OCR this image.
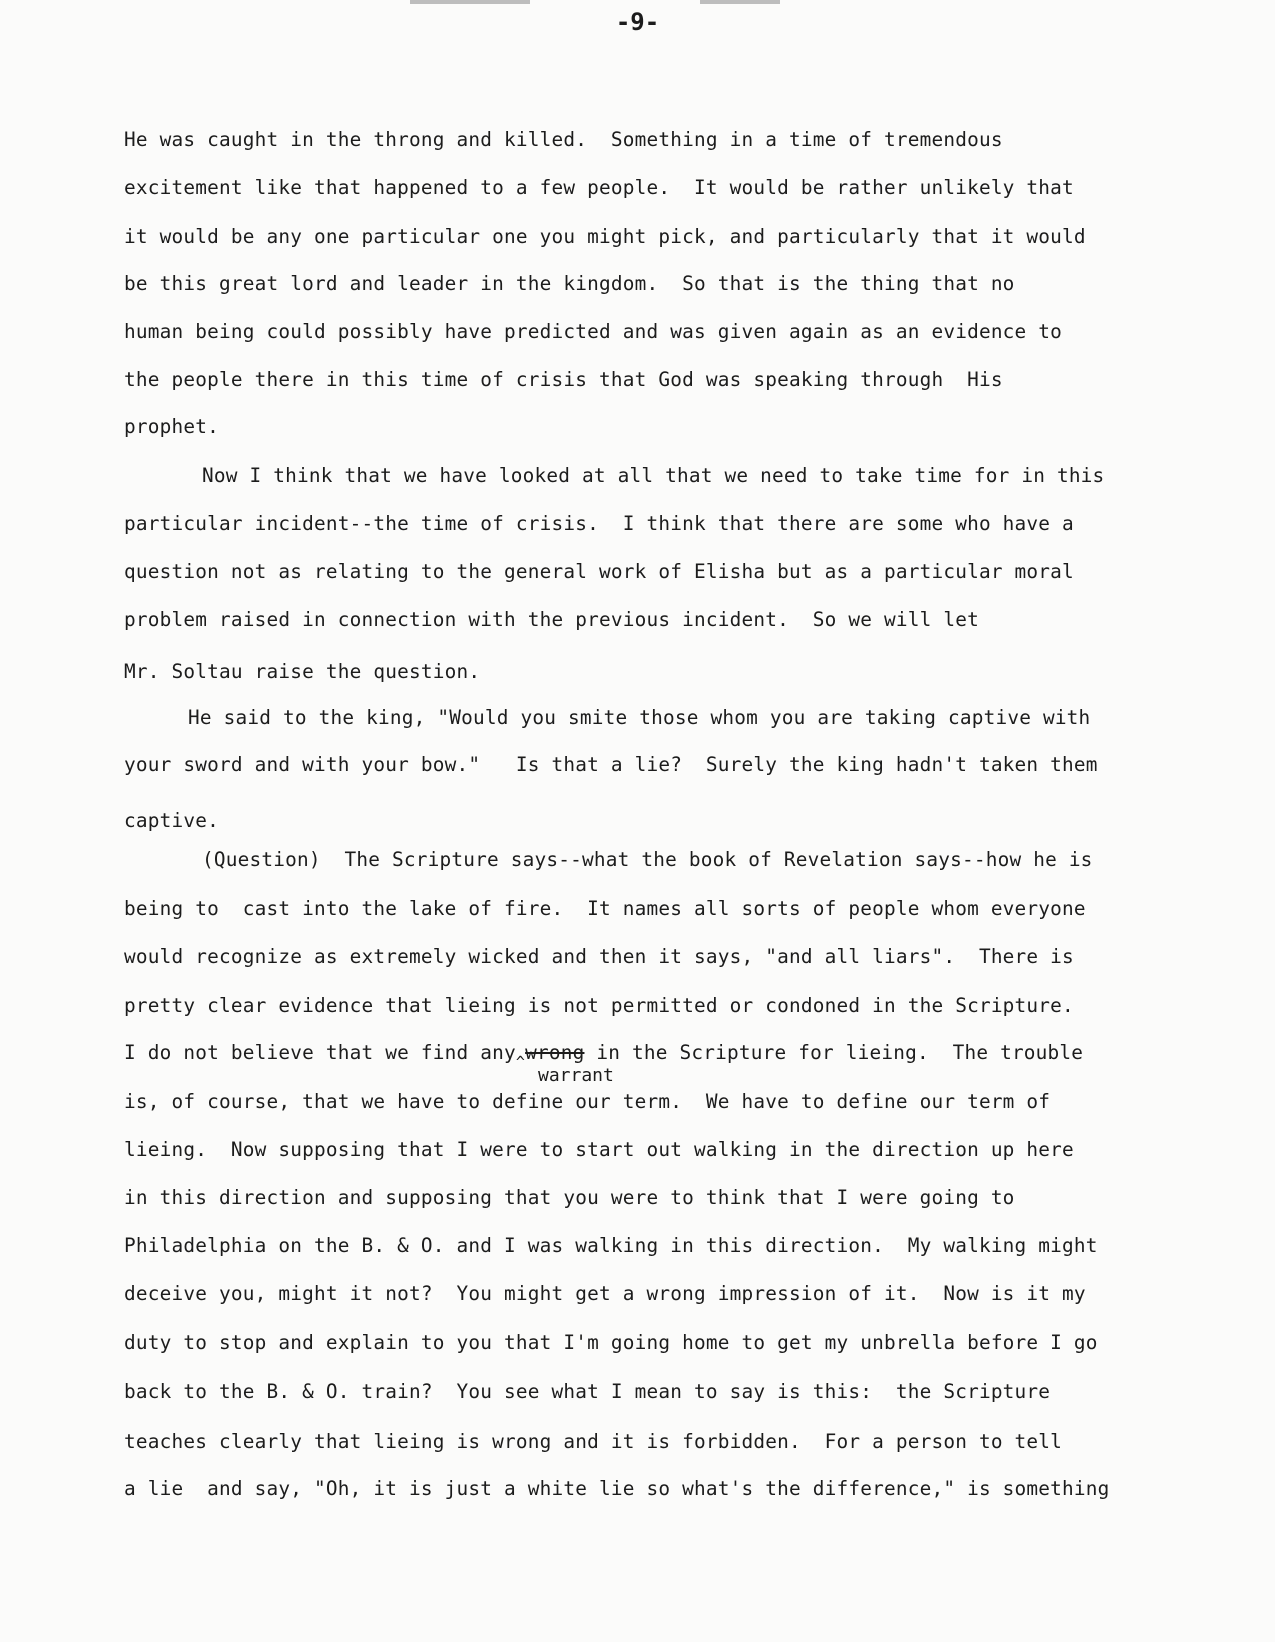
-9-
He was caught in the throng and killed.  Something in a time of tremendous
excitement like that happened to a few people.  It would be rather unlikely that
it would be any one particular one you might pick, and particularly that it would
be this great lord and leader in the kingdom.  So that is the thing that no
human being could possibly have predicted and was given again as an evidence to
the people there in this time of crisis that God was speaking through  His
prophet.
Now I think that we have looked at all that we need to take time for in this
particular incident--the time of crisis.  I think that there are some who have a
question not as relating to the general work of Elisha but as a particular moral
problem raised in connection with the previous incident.  So we will let
Mr. Soltau raise the question.
He said to the king, "Would you smite those whom you are taking captive with
your sword and with your bow."   Is that a lie?  Surely the king hadn't taken them
captive.
(Question)  The Scripture says--what the book of Revelation says--how he is
being to  cast into the lake of fire.  It names all sorts of people whom everyone
would recognize as extremely wicked and then it says, "and all liars".  There is
pretty clear evidence that lieing is not permitted or condoned in the Scripture.
warrant
I do not believe that we find any$_{\^{}}$wrong in the Scripture for lieing.  The trouble
is, of course, that we have to define our term.  We have to define our term of
lieing.  Now supposing that I were to start out walking in the direction up here
in this direction and supposing that you were to think that I were going to
Philadelphia on the B. & O. and I was walking in this direction.  My walking might
deceive you, might it not?  You might get a wrong impression of it.  Now is it my
duty to stop and explain to you that I'm going home to get my unbrella before I go
back to the B. & O. train?  You see what I mean to say is this:  the Scripture
teaches clearly that lieing is wrong and it is forbidden.  For a person to tell
a lie  and say, "Oh, it is just a white lie so what's the difference," is something
